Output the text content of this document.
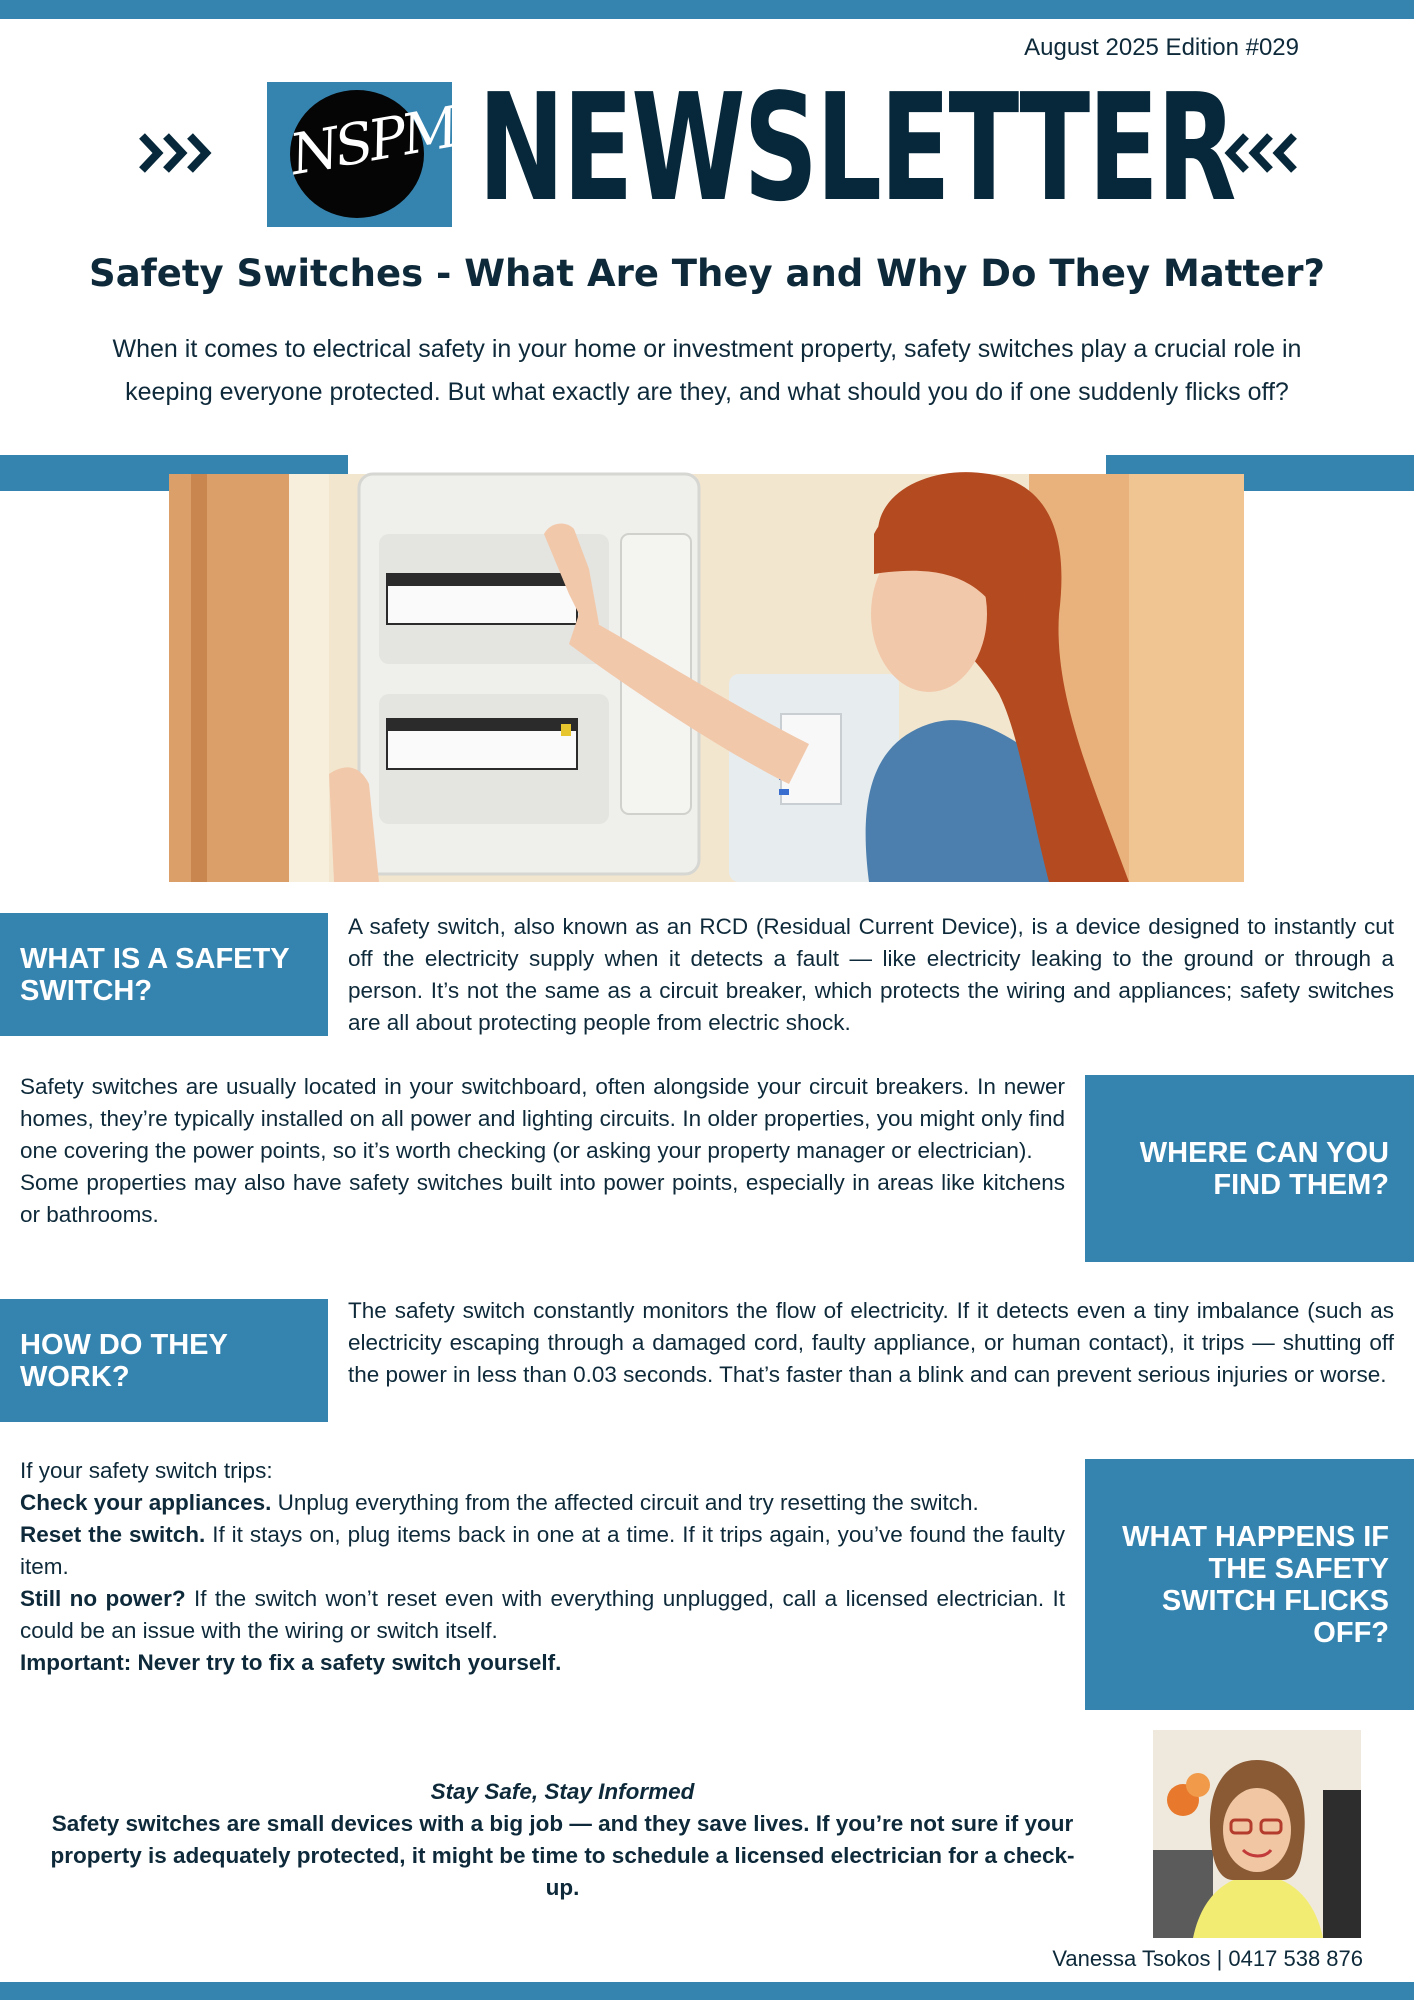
August 2025 Edition #029
NSPM NEWSLETTER
Safety Switches - What Are They and Why Do They Matter?

When it comes to electrical safety in your home or investment property, safety switches play a crucial role in keeping everyone protected. But what exactly are they, and what should you do if one suddenly flicks off?

WHAT IS A SAFETY SWITCH?

A safety switch, also known as an RCD (Residual Current Device), is a device designed to instantly cut off the electricity supply when it detects a fault — like electricity leaking to the ground or through a person. It’s not the same as a circuit breaker, which protects the wiring and appliances; safety switches are all about protecting people from electric shock.

Safety switches are usually located in your switchboard, often alongside your circuit breakers. In newer homes, they’re typically installed on all power and lighting circuits. In older properties, you might only find one covering the power points, so it’s worth checking (or asking your property manager or electrician).

Some properties may also have safety switches built into power points, especially in areas like kitchens or bathrooms.

WHERE CAN YOU FIND THEM?
HOW DO THEY WORK?

The safety switch constantly monitors the flow of electricity. If it detects even a tiny imbalance (such as electricity escaping through a damaged cord, faulty appliance, or human contact), it trips — shutting off the power in less than 0.03 seconds. That’s faster than a blink and can prevent serious injuries or worse.

If your safety switch trips:

Check your appliances. Unplug everything from the affected circuit and try resetting the switch.

Reset the switch. If it stays on, plug items back in one at a time. If it trips again, you’ve found the faulty item.

Still no power? If the switch won’t reset even with everything unplugged, call a licensed electrician. It could be an issue with the wiring or switch itself.

Important: Never try to fix a safety switch yourself.

WHAT HAPPENS IF THE SAFETY SWITCH FLICKS OFF?
Stay Safe, Stay Informed
Safety switches are small devices with a big job — and they save lives. If you’re not sure if your property is adequately protected, it might be time to schedule a licensed electrician for a check-up.
Vanessa Tsokos | 0417 538 876
